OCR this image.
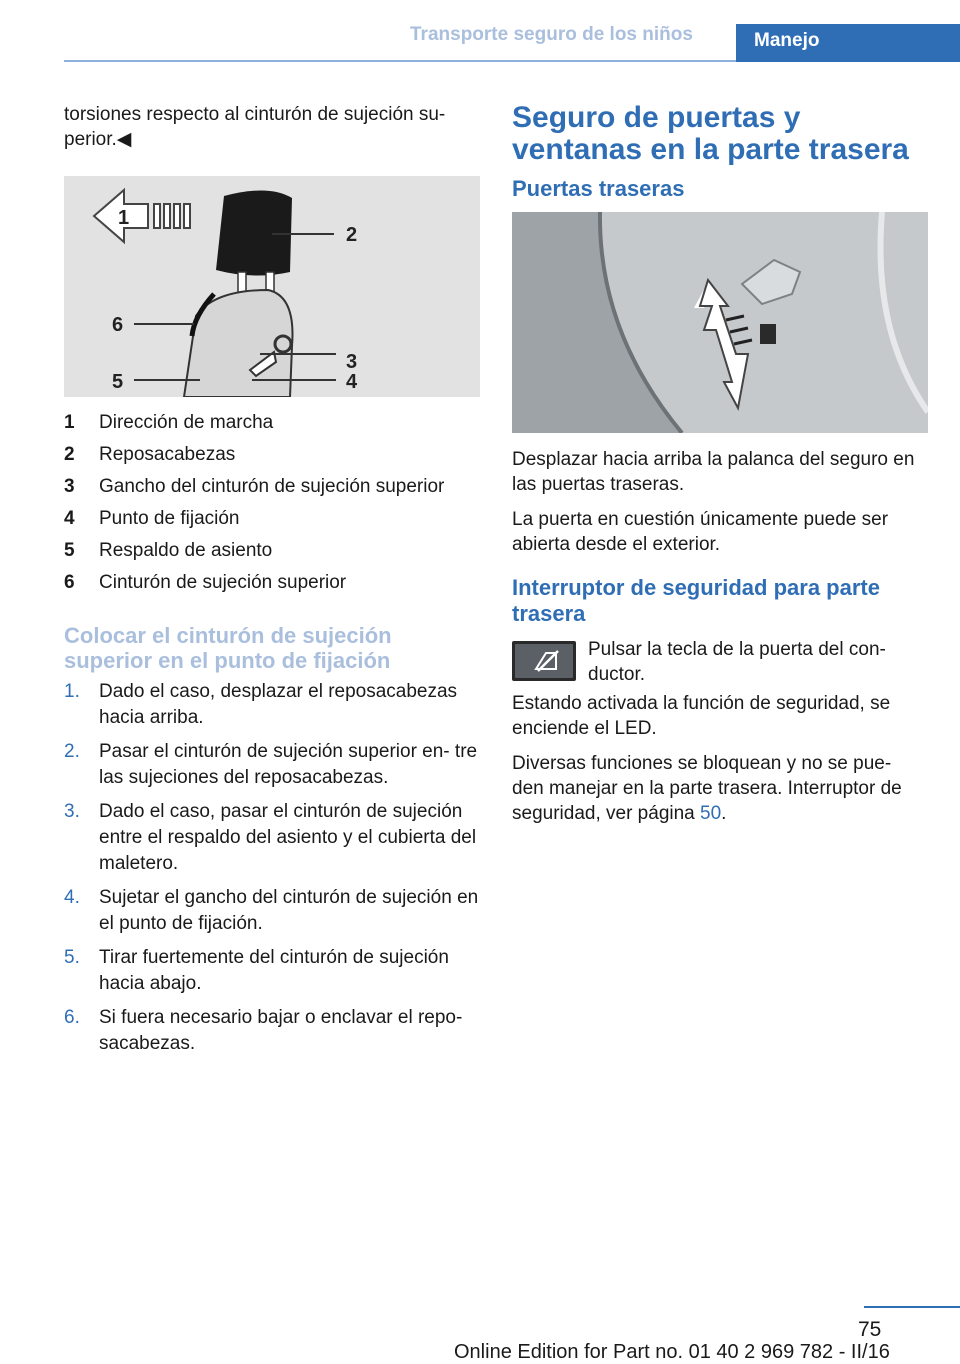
Transporte seguro de los niños	Manejo

torsiones respecto al cinturón de sujeción su‐ perior.◀

1
2
6
3
5	4
1	Dirección de marcha
2	Reposacabezas
3	Gancho del cinturón de sujeción superior
4	Punto de fijación
5	Respaldo de asiento
6	Cinturón de sujeción superior
Colocar el cinturón de sujeción superior en el punto de fijación
1.	Dado el caso, desplazar el reposacabezas hacia arriba.
2.	Pasar el cinturón de sujeción superior en‐ tre las sujeciones del reposacabezas.
3.	Dado el caso, pasar el cinturón de sujeción entre el respaldo del asiento y el cubierta del maletero.
4.	Sujetar el gancho del cinturón de sujeción en el punto de fijación.
5.	Tirar fuertemente del cinturón de sujeción hacia abajo.
6.	Si fuera necesario bajar o enclavar el repo‐ sacabezas.
Seguro de puertas y ventanas en la parte trasera
Puertas traseras

Desplazar hacia arriba la palanca del seguro en las puertas traseras.

La puerta en cuestión únicamente puede ser abierta desde el exterior.

Interruptor de seguridad para parte trasera

Pulsar la tecla de la puerta del con‐ ductor.

Estando activada la función de seguridad, se enciende el LED.

Diversas funciones se bloquean y no se pue‐ den manejar en la parte trasera. Interruptor de seguridad, ver página 50.

75
Online Edition for Part no. 01 40 2 969 782 - II/16
